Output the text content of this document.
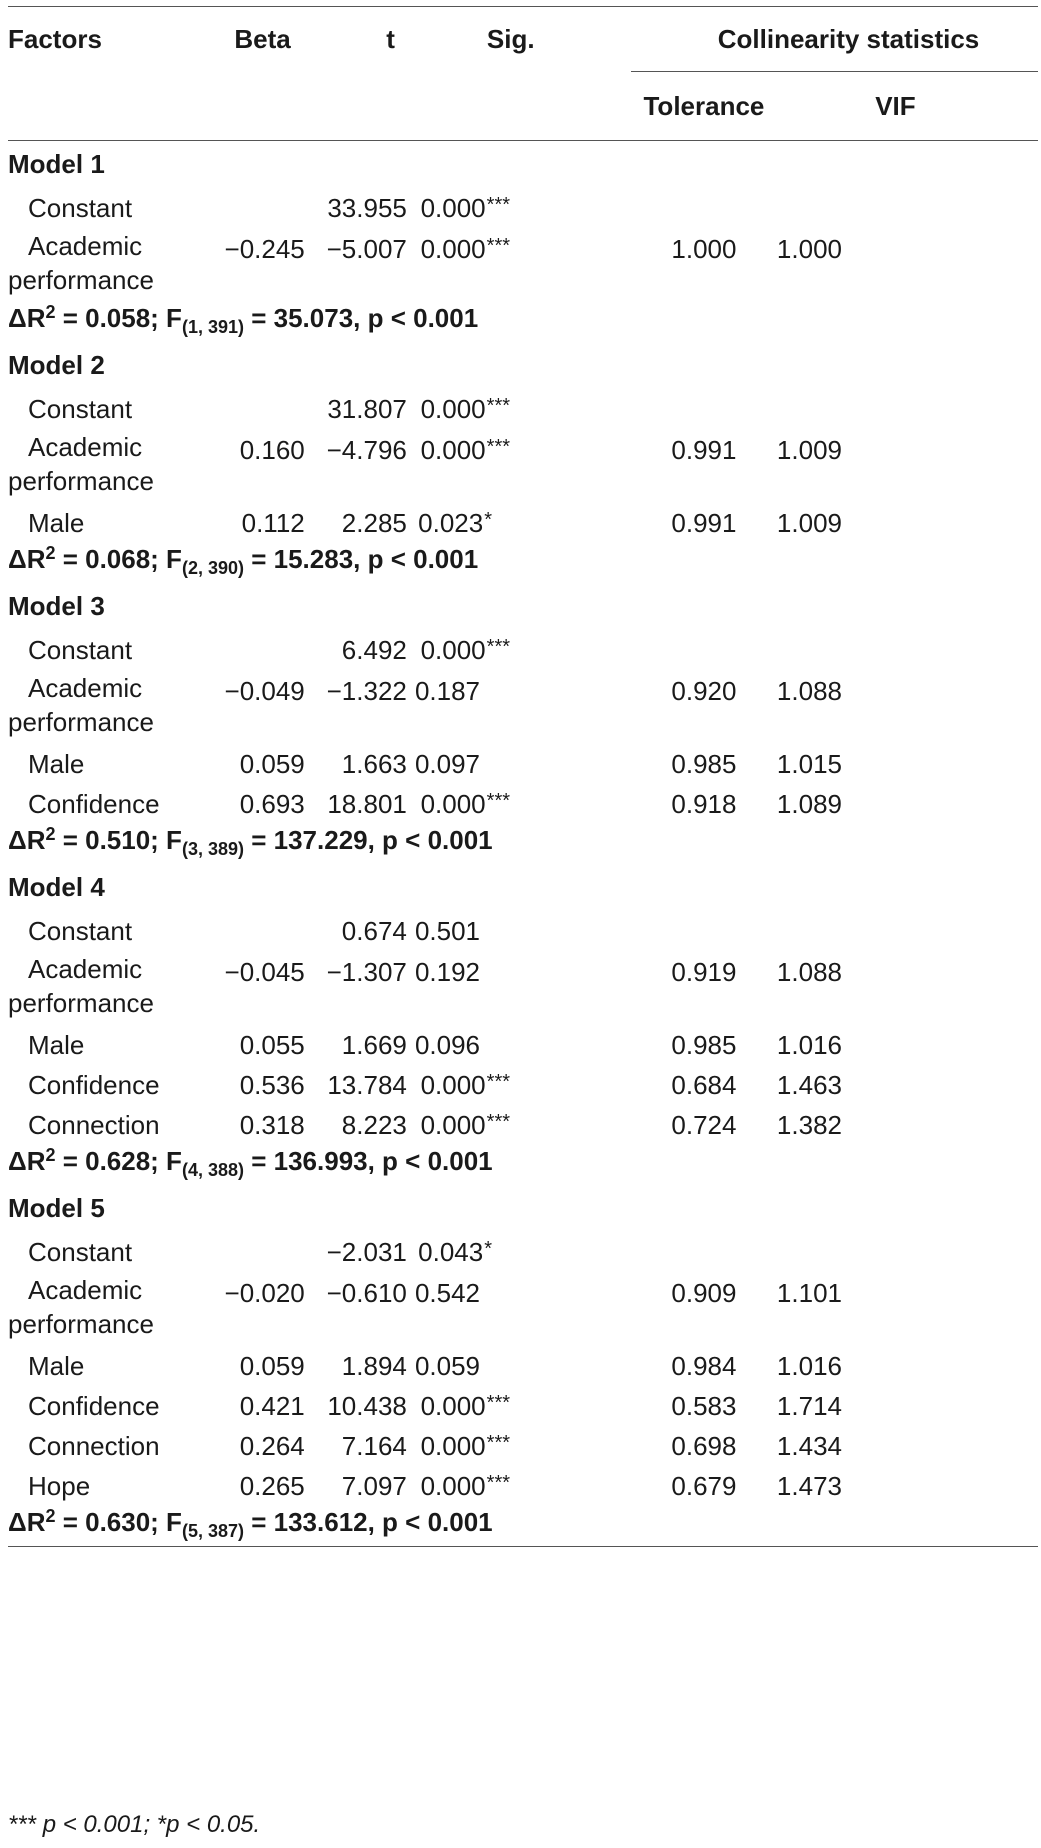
Factors	Beta	t	Sig.	Collinearity statistics	
				Tolerance	VIF

Model 1					
Constant		33.955	0.000***		
Academic
performance	−0.245	−5.007	0.000***	1.000	1.000
$\Delta R^2 = 0.058$; $F_{(1, 391)} = 35.073$, p < 0.001					
Model 2					
Constant		31.807	0.000***		
Academic
performance	0.160	−4.796	0.000***	0.991	1.009
Male	0.112	2.285	0.023*	0.991	1.009
$\Delta R^2 = 0.068$; $F_{(2, 390)} = 15.283$, p < 0.001					
Model 3					
Constant		6.492	0.000***		
Academic
performance	−0.049	−1.322	0.187	0.920	1.088
Male	0.059	1.663	0.097	0.985	1.015
Confidence	0.693	18.801	0.000***	0.918	1.089
$\Delta R^2 = 0.510$; $F_{(3, 389)} = 137.229$, p < 0.001					
Model 4					
Constant		0.674	0.501		
Academic
performance	−0.045	−1.307	0.192	0.919	1.088
Male	0.055	1.669	0.096	0.985	1.016
Confidence	0.536	13.784	0.000***	0.684	1.463
Connection	0.318	8.223	0.000***	0.724	1.382
$\Delta R^2 = 0.628$; $F_{(4, 388)} = 136.993$, p < 0.001					
Model 5					
Constant		−2.031	0.043*		
Academic
performance	−0.020	−0.610	0.542	0.909	1.101
Male	0.059	1.894	0.059	0.984	1.016
Confidence	0.421	10.438	0.000***	0.583	1.714
Connection	0.264	7.164	0.000***	0.698	1.434
Hope	0.265	7.097	0.000***	0.679	1.473
$\Delta R^2 = 0.630$; $F_{(5, 387)} = 133.612$, p < 0.001					

*** p < 0.001; *p < 0.05.
